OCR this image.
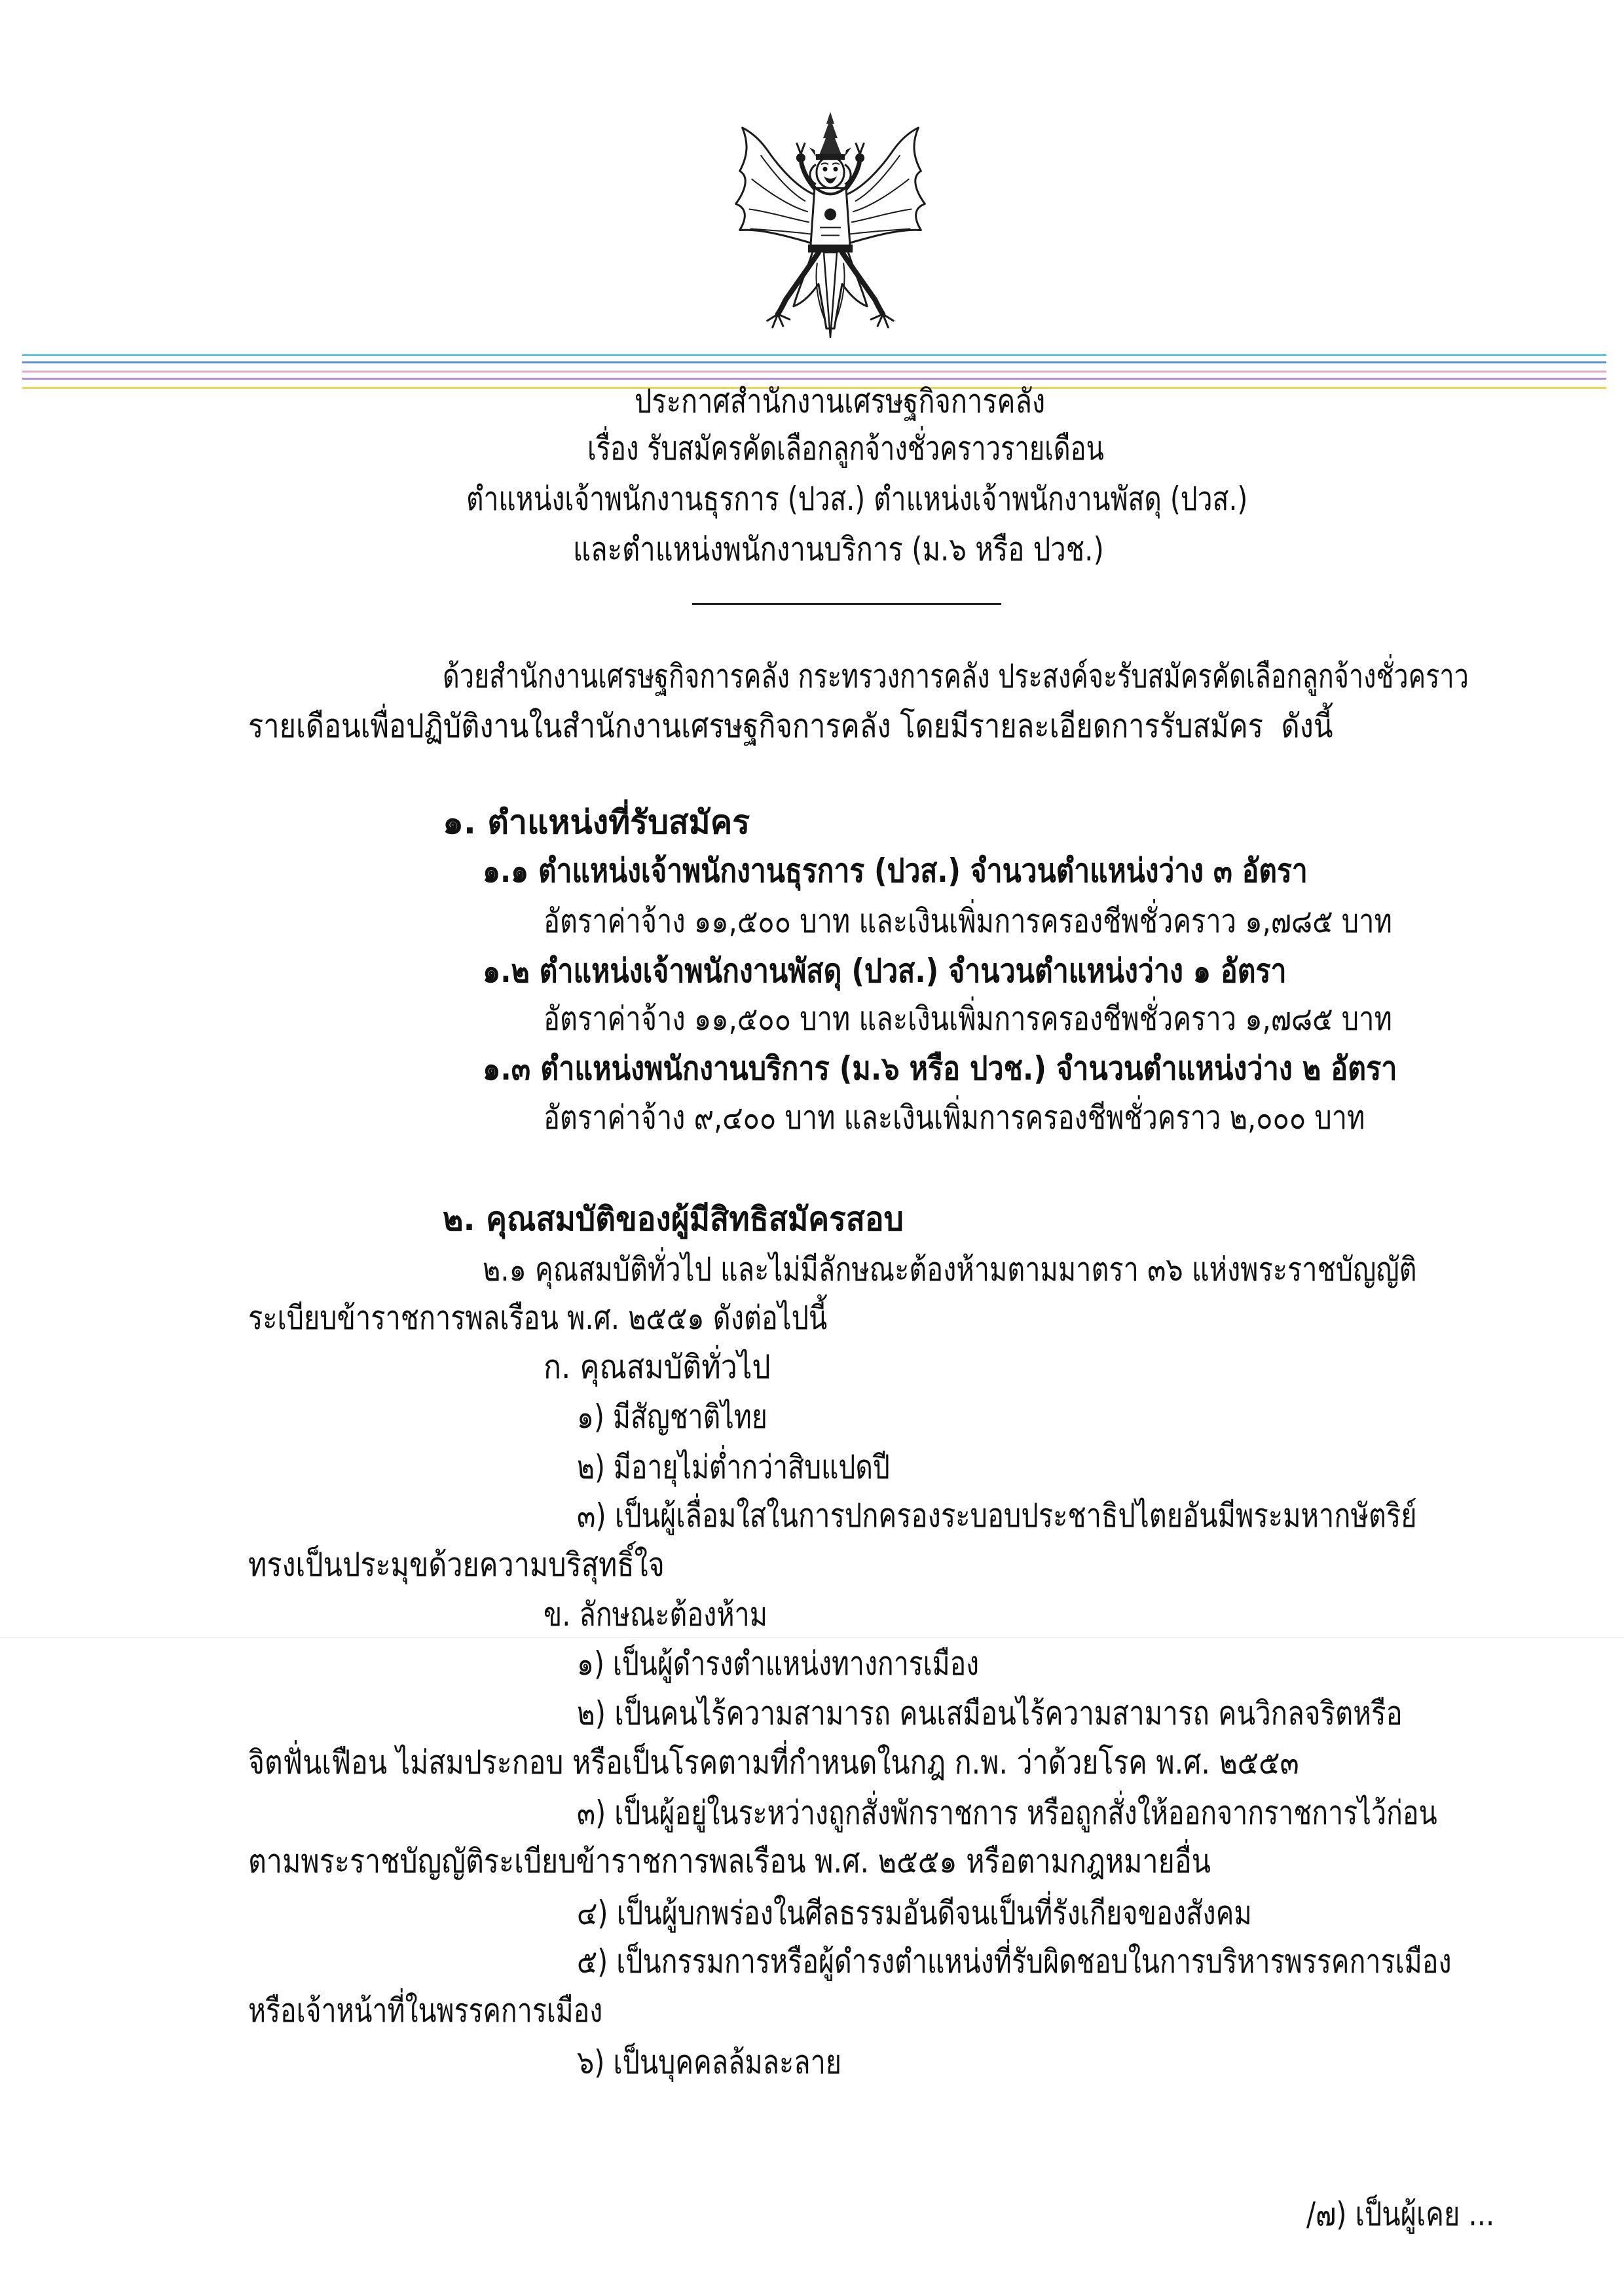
ประกาศสำนักงานเศรษฐกิจการคลัง
เรื่อง รับสมัครคัดเลือกลูกจ้างชั่วคราวรายเดือน
ตำแหน่งเจ้าพนักงานธุรการ (ปวส.) ตำแหน่งเจ้าพนักงานพัสดุ (ปวส.)
และตำแหน่งพนักงานบริการ (ม.๖ หรือ ปวช.)
ด้วยสำนักงานเศรษฐกิจการคลัง กระทรวงการคลัง ประสงค์จะรับสมัครคัดเลือกลูกจ้างชั่วคราว
รายเดือนเพื่อปฏิบัติงานในสำนักงานเศรษฐกิจการคลัง โดยมีรายละเอียดการรับสมัคร  ดังนี้
๑. ตำแหน่งที่รับสมัคร
๑.๑ ตำแหน่งเจ้าพนักงานธุรการ (ปวส.) จำนวนตำแหน่งว่าง ๓ อัตรา
อัตราค่าจ้าง ๑๑,๕๐๐ บาท และเงินเพิ่มการครองชีพชั่วคราว ๑,๗๘๕ บาท
๑.๒ ตำแหน่งเจ้าพนักงานพัสดุ (ปวส.) จำนวนตำแหน่งว่าง ๑ อัตรา
อัตราค่าจ้าง ๑๑,๕๐๐ บาท และเงินเพิ่มการครองชีพชั่วคราว ๑,๗๘๕ บาท
๑.๓ ตำแหน่งพนักงานบริการ (ม.๖ หรือ ปวช.) จำนวนตำแหน่งว่าง ๒ อัตรา
อัตราค่าจ้าง ๙,๔๐๐ บาท และเงินเพิ่มการครองชีพชั่วคราว ๒,๐๐๐ บาท
๒. คุณสมบัติของผู้มีสิทธิสมัครสอบ
๒.๑ คุณสมบัติทั่วไป และไม่มีลักษณะต้องห้ามตามมาตรา ๓๖ แห่งพระราชบัญญัติ
ระเบียบข้าราชการพลเรือน พ.ศ. ๒๕๕๑ ดังต่อไปนี้
ก. คุณสมบัติทั่วไป
๑) มีสัญชาติไทย
๒) มีอายุไม่ต่ำกว่าสิบแปดปี
๓) เป็นผู้เลื่อมใสในการปกครองระบอบประชาธิปไตยอันมีพระมหากษัตริย์
ทรงเป็นประมุขด้วยความบริสุทธิ์ใจ
ข. ลักษณะต้องห้าม
๑) เป็นผู้ดำรงตำแหน่งทางการเมือง
๒) เป็นคนไร้ความสามารถ คนเสมือนไร้ความสามารถ คนวิกลจริตหรือ
จิตฟั่นเฟือน ไม่สมประกอบ หรือเป็นโรคตามที่กำหนดในกฎ ก.พ. ว่าด้วยโรค พ.ศ. ๒๕๕๓
๓) เป็นผู้อยู่ในระหว่างถูกสั่งพักราชการ หรือถูกสั่งให้ออกจากราชการไว้ก่อน
ตามพระราชบัญญัติระเบียบข้าราชการพลเรือน พ.ศ. ๒๕๕๑ หรือตามกฎหมายอื่น
๔) เป็นผู้บกพร่องในศีลธรรมอันดีจนเป็นที่รังเกียจของสังคม
๕) เป็นกรรมการหรือผู้ดำรงตำแหน่งที่รับผิดชอบในการบริหารพรรคการเมือง
หรือเจ้าหน้าที่ในพรรคการเมือง
๖) เป็นบุคคลล้มละลาย
/๗) เป็นผู้เคย ...
